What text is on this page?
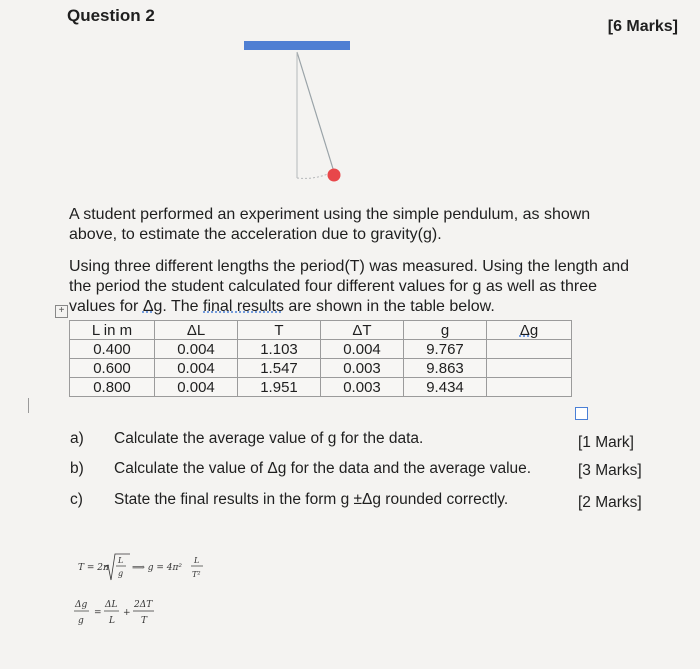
Question 2
[6 Marks]
A student performed an experiment using the simple pendulum, as shown
above, to estimate the acceleration due to gravity(g).
Using three different lengths the period(T) was measured. Using the length and
the period the student calculated four different values for g as well as three
values for Δg. The final results are shown in the table below.
+
L in m	ΔL	T	ΔT	g	Δg
0.400	0.004	1.103	0.004	9.767	
0.600	0.004	1.547	0.003	9.863	
0.800	0.004	1.951	0.003	9.434	
a) Calculate the average value of g for the data.	[1 Mark]
b) Calculate the value of Δg for the data and the average value.	[3 Marks]
c) State the final results in the form g ±Δg rounded correctly.	[2 Marks]
T = 2π
L
g
⟹ g = 4π²
L
T²
Δg
g
=
ΔL
L
+
2ΔT
T
